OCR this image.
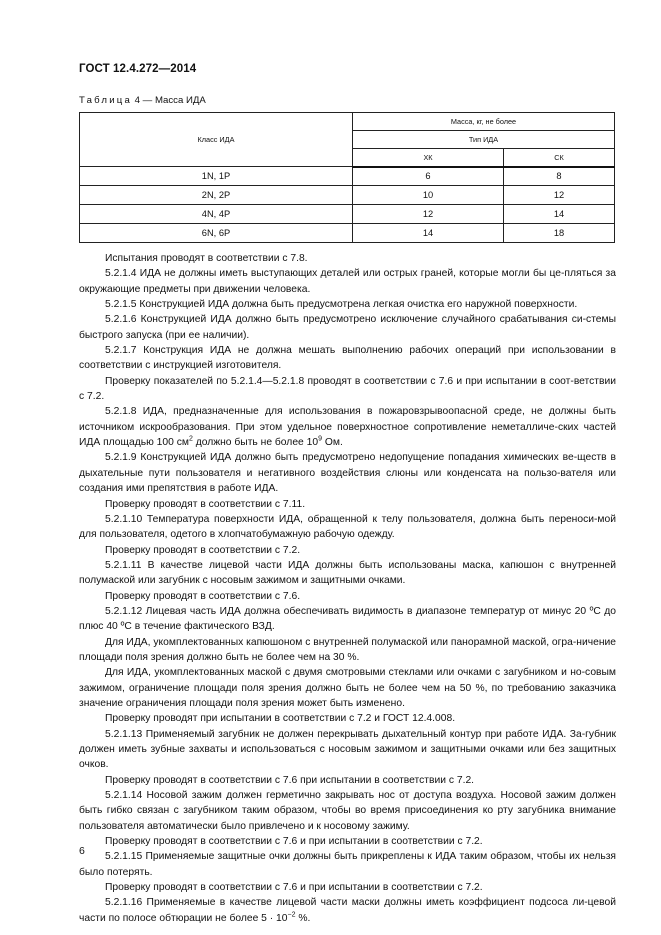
ГОСТ 12.4.272—2014
Таблица 4 — Масса ИДА
Класс ИДА	Масса, кг, не более	
	Тип ИДА	
	ХК	СК
1N, 1P	6	8
2N, 2P	10	12
4N, 4P	12	14
6N, 6P	14	18

Испытания проводят в соответствии с 7.8.

5.2.1.4 ИДА не должны иметь выступающих деталей или острых граней, которые могли бы це-пляться за окружающие предметы при движении человека.

5.2.1.5 Конструкцией ИДА должна быть предусмотрена легкая очистка его наружной поверхности.

5.2.1.6 Конструкцией ИДА должно быть предусмотрено исключение случайного срабатывания си-стемы быстрого запуска (при ее наличии).

5.2.1.7 Конструкция ИДА не должна мешать выполнению рабочих операций при использовании в соответствии с инструкцией изготовителя.

Проверку показателей по 5.2.1.4—5.2.1.8 проводят в соответствии с 7.6 и при испытании в соот-ветствии с 7.2.

5.2.1.8 ИДА, предназначенные для использования в пожаровзрывоопасной среде, не должны быть источником искрообразования. При этом удельное поверхностное сопротивление неметалличе-ских частей ИДА площадью 100 $см^2$ должно быть не более $10^9$ Ом.

5.2.1.9 Конструкцией ИДА должно быть предусмотрено недопущение попадания химических ве-ществ в дыхательные пути пользователя и негативного воздействия слюны или конденсата на пользо-вателя или создания ими препятствия в работе ИДА.

Проверку проводят в соответствии с 7.11.

5.2.1.10 Температура поверхности ИДА, обращенной к телу пользователя, должна быть переноси-мой для пользователя, одетого в хлопчатобумажную рабочую одежду.

Проверку проводят в соответствии с 7.2.

5.2.1.11 В качестве лицевой части ИДА должны быть использованы маска, капюшон с внутренней полумаской или загубник с носовым зажимом и защитными очками.

Проверку проводят в соответствии с 7.6.

5.2.1.12 Лицевая часть ИДА должна обеспечивать видимость в диапазоне температур от минус 20 ºС до плюс 40 ºС в течение фактического ВЗД.

Для ИДА, укомплектованных капюшоном с внутренней полумаской или панорамной маской, огра-ничение площади поля зрения должно быть не более чем на 30 %.

Для ИДА, укомплектованных маской с двумя смотровыми стеклами или очками с загубником и но-совым зажимом, ограничение площади поля зрения должно быть не более чем на 50 %, по требованию заказчика значение ограничения площади поля зрения может быть изменено.

Проверку проводят при испытании в соответствии с 7.2 и ГОСТ 12.4.008.

5.2.1.13 Применяемый загубник не должен перекрывать дыхательный контур при работе ИДА. За-губник должен иметь зубные захваты и использоваться с носовым зажимом и защитными очками или без защитных очков.

Проверку проводят в соответствии с 7.6 при испытании в соответствии с 7.2.

5.2.1.14 Носовой зажим должен герметично закрывать нос от доступа воздуха. Носовой зажим должен быть гибко связан с загубником таким образом, чтобы во время присоединения ко рту загубника внимание пользователя автоматически было привлечено и к носовому зажиму.

Проверку проводят в соответствии с 7.6 и при испытании в соответствии с 7.2.

5.2.1.15 Применяемые защитные очки должны быть прикреплены к ИДА таким образом, чтобы их нельзя было потерять.

Проверку проводят в соответствии с 7.6 и при испытании в соответствии с 7.2.

5.2.1.16 Применяемые в качестве лицевой части маски должны иметь коэффициент подсоса ли-цевой части по полосе обтюрации не более $5 \cdot 10^{-2}$ %.

6
